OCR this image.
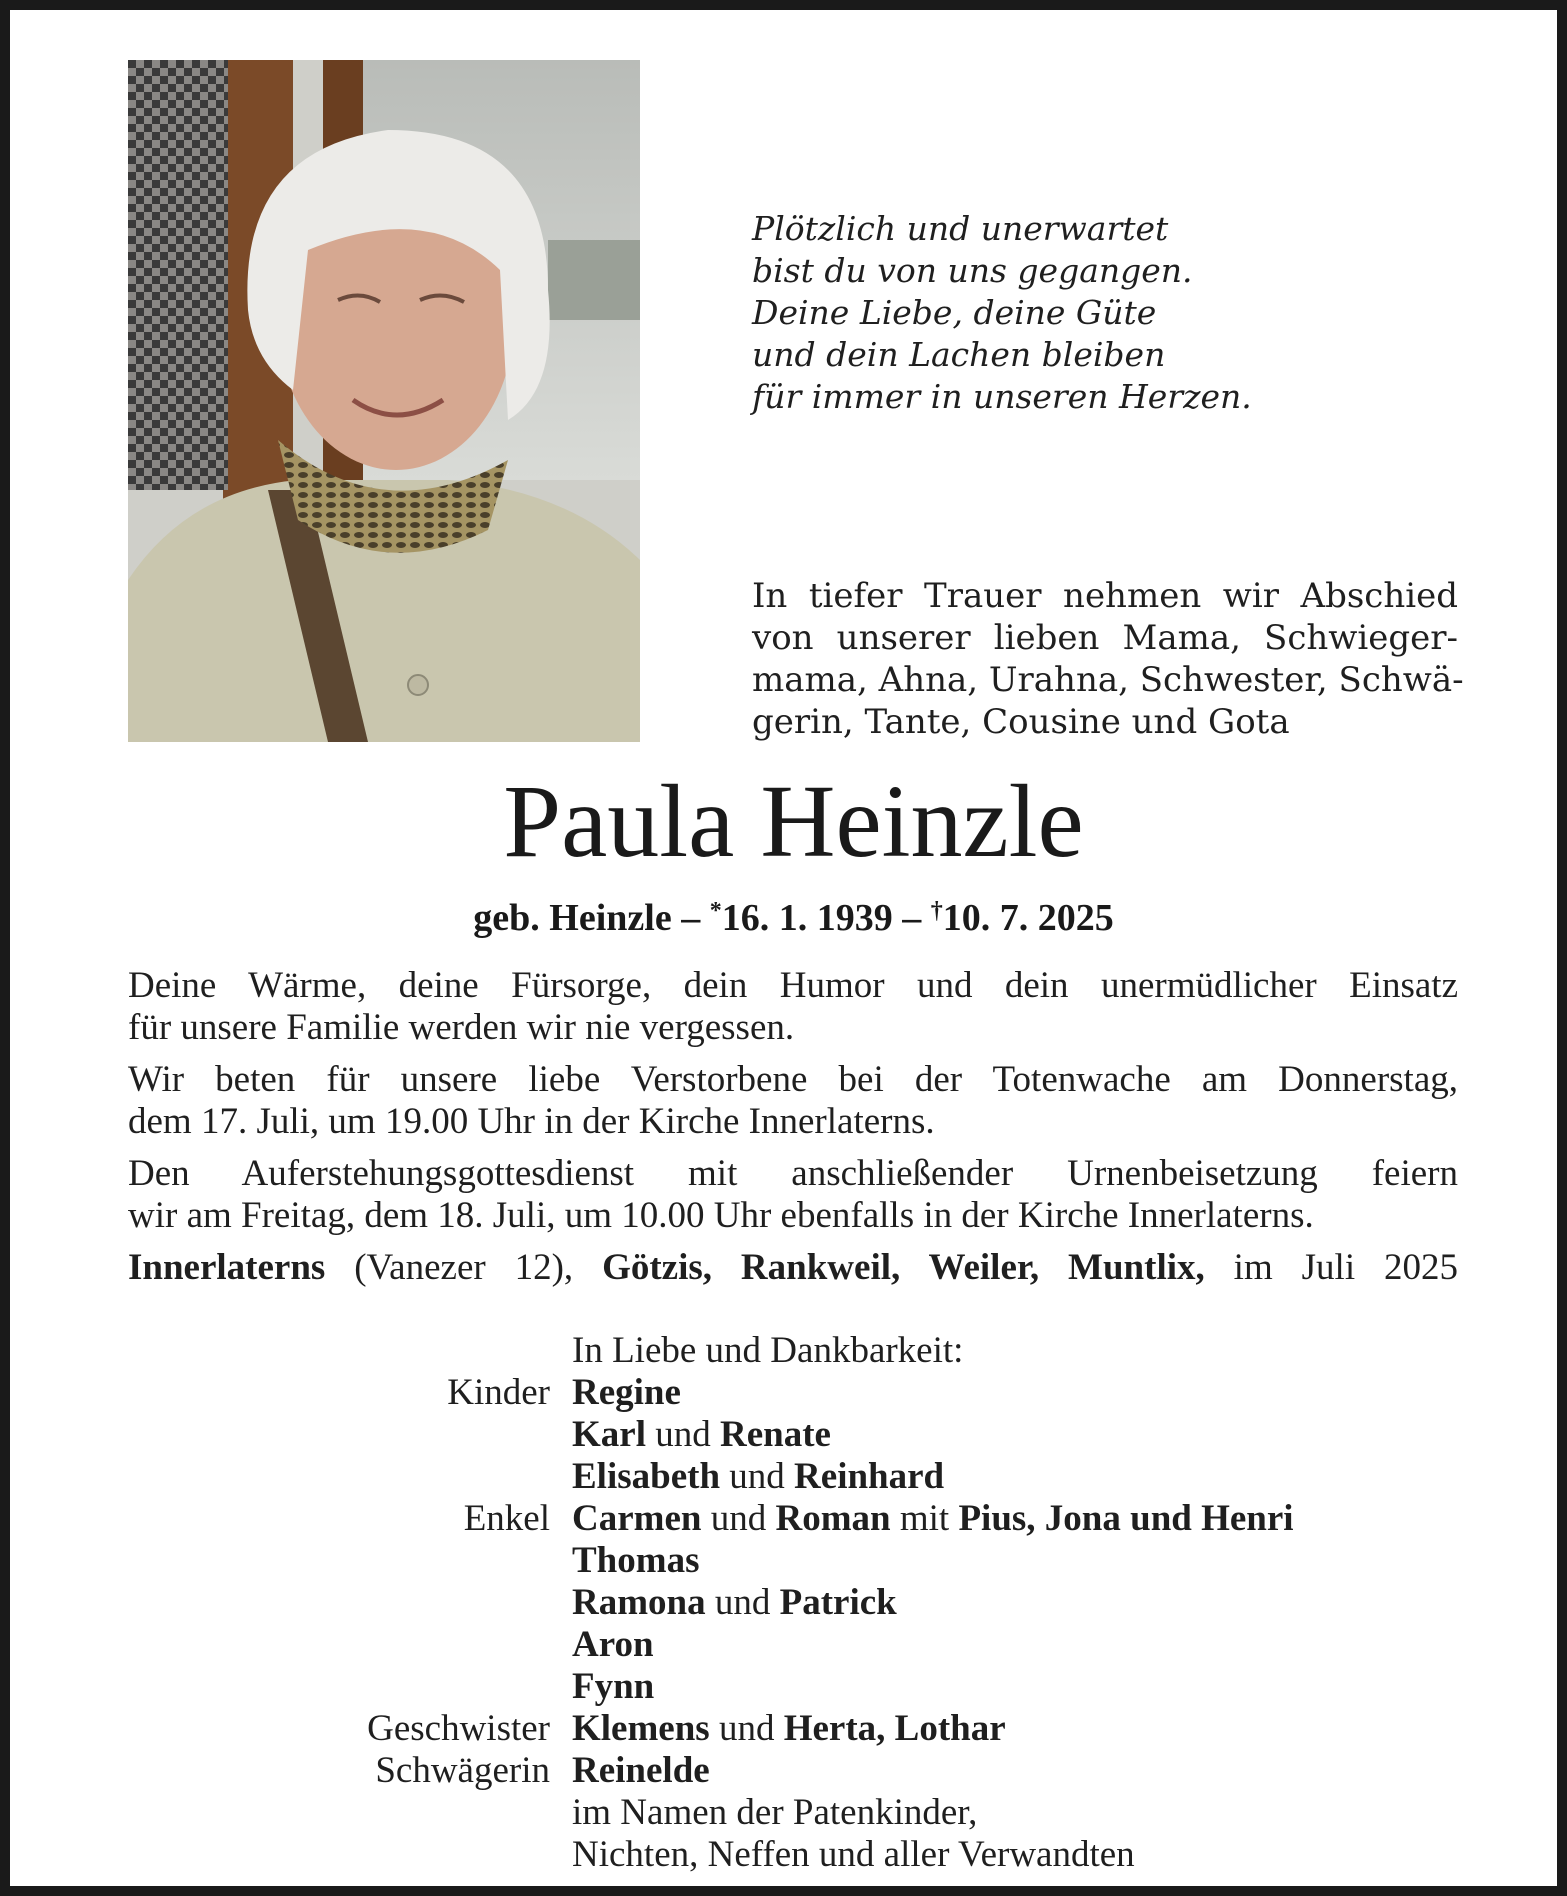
Plötzlich und unerwartet
bist du von uns gegangen.
Deine Liebe, deine Güte
und dein Lachen bleiben
für immer in unseren Herzen.
In tiefer Trauer nehmen wir Abschied
von unserer lieben Mama, Schwieger-
mama, Ahna, Urahna, Schwester, Schwä-
gerin, Tante, Cousine und Gota
Paula Heinzle
geb. Heinzle – *16. 1. 1939 – †10. 7. 2025
Deine Wärme, deine Fürsorge, dein Humor und dein unermüdlicher Einsatz
für unsere Familie werden wir nie vergessen.
Wir beten für unsere liebe Verstorbene bei der Totenwache am Donnerstag,
dem 17. Juli, um 19.00 Uhr in der Kirche Innerlaterns.
Den Auferstehungsgottesdienst mit anschließender Urnenbeisetzung feiern
wir am Freitag, dem 18. Juli, um 10.00 Uhr ebenfalls in der Kirche Innerlaterns.
Innerlaterns (Vanezer 12), Götzis, Rankweil, Weiler, Muntlix, im Juli 2025
In Liebe und Dankbarkeit:
Kinder Regine
Karl und Renate
Elisabeth und Reinhard
Enkel Carmen und Roman mit Pius, Jona und Henri
Thomas
Ramona und Patrick
Aron
Fynn
Geschwister Klemens und Herta, Lothar
Schwägerin Reinelde
im Namen der Patenkinder,
Nichten, Neffen und aller Verwandten
